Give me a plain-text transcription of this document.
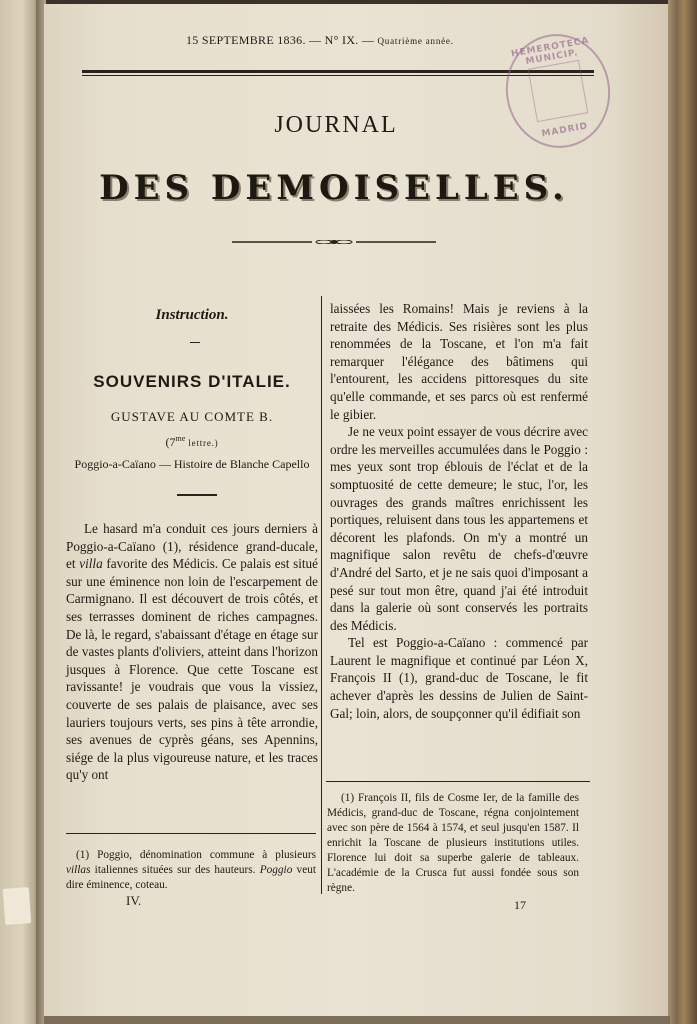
15 SEPTEMBRE 1836. — N° IX. — Quatrième année.	HEMEROTECA MUNICIP.
MADRID
JOURNAL
DES DEMOISELLES.
Instruction.
SOUVENIRS D'ITALIE.
GUSTAVE AU COMTE B.
($7^{me}$ lettre.)
Poggio-a-Caïano — Histoire de Blanche Capello

Le hasard m'a conduit ces jours derniers à Poggio-a-Caïano (1), résidence grand-ducale, et villa favorite des Médicis. Ce palais est situé sur une éminence non loin de l'escarpement de Carmignano. Il est découvert de trois côtés, et ses terrasses dominent de riches campagnes. De là, le regard, s'abaissant d'étage en étage sur de vastes plants d'oliviers, atteint dans l'horizon jusques à Florence. Que cette Toscane est ravissante! je voudrais que vous la vissiez, couverte de ses palais de plaisance, avec ses lauriers toujours verts, ses pins à tête arrondie, ses avenues de cyprès géans, ses Apennins, siége de la plus vigoureuse nature, et les traces qu'y ont

laissées les Romains! Mais je reviens à la retraite des Médicis. Ses risières sont les plus renommées de la Toscane, et l'on m'a fait remarquer l'élégance des bâtimens qui l'entourent, les accidens pittoresques du site qu'elle commande, et ses parcs où est renfermé le gibier.

Je ne veux point essayer de vous décrire avec ordre les merveilles accumulées dans le Poggio : mes yeux sont trop éblouis de l'éclat et de la somptuosité de cette demeure; le stuc, l'or, les ouvrages des grands maîtres enrichissent les portiques, reluisent dans tous les appartemens et décorent les plafonds. On m'y a montré un magnifique salon revêtu de chefs-d'œuvre d'André del Sarto, et je ne sais quoi d'imposant a pesé sur tout mon être, quand j'ai été introduit dans la galerie où sont conservés les portraits des Médicis.

Tel est Poggio-a-Caïano : commencé par Laurent le magnifique et continué par Léon X, François II (1), grand-duc de Toscane, le fit achever d'après les dessins de Julien de Saint-Gal; loin, alors, de soupçonner qu'il édifiait son

(1) Poggio, dénomination commune à plusieurs villas italiennes situées sur des hauteurs. Poggio veut dire éminence, coteau.

IV.

(1) François II, fils de Cosme Ier, de la famille des Médicis, grand-duc de Toscane, régna conjointement avec son père de 1564 à 1574, et seul jusqu'en 1587. Il enrichit la Toscane de plusieurs institutions utiles. Florence lui doit sa superbe galerie de tableaux. L'académie de la Crusca fut aussi fondée sous son règne.

17
